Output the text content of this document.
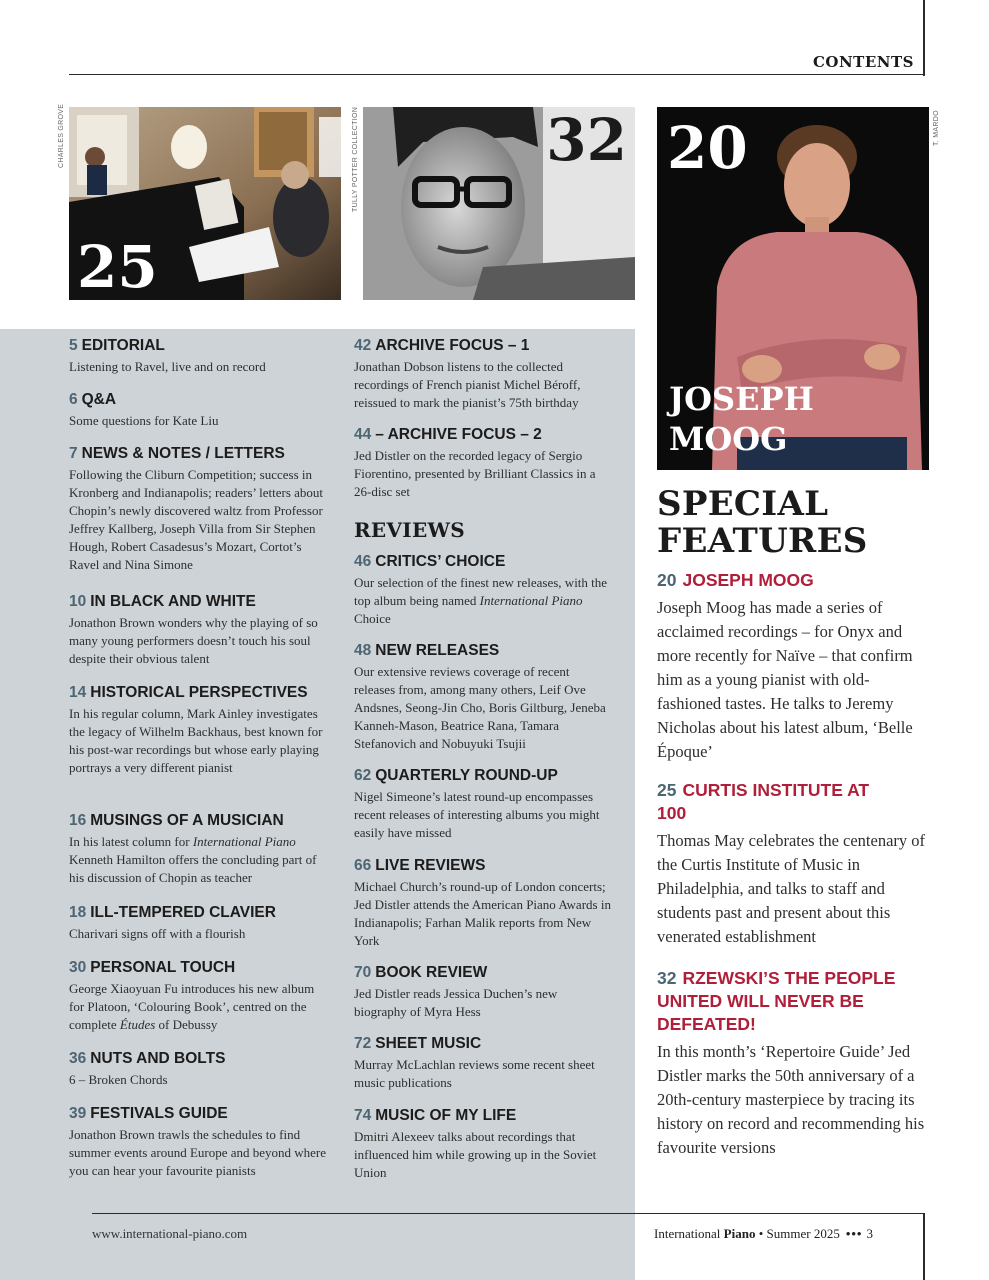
CONTENTS
CHARLES GROVE
25
TULLY POTTER COLLECTION	32	T. MARDO
20
JOSEPH
MOOG
5 EDITORIAL
Listening to Ravel, live and on record
6 Q&A
Some questions for Kate Liu
7 NEWS & NOTES / LETTERS
Following the Cliburn Competition; success in Kronberg and Indianapolis; readers’ letters about Chopin’s newly discovered waltz from Professor Jeffrey Kallberg, Joseph Villa from Sir Stephen Hough, Robert Casadesus’s Mozart, Cortot’s Ravel and Nina Simone
10 IN BLACK AND WHITE
Jonathon Brown wonders why the playing of so many young performers doesn’t touch his soul despite their obvious talent
14 HISTORICAL PERSPECTIVES
In his regular column, Mark Ainley investigates the legacy of Wilhelm Backhaus, best known for his post-war recordings but whose early playing portrays a very different pianist
16 MUSINGS OF A MUSICIAN
In his latest column for International Piano Kenneth Hamilton offers the concluding part of his discussion of Chopin as teacher
18 ILL-TEMPERED CLAVIER
Charivari signs off with a flourish
30 PERSONAL TOUCH
George Xiaoyuan Fu introduces his new album for Platoon, ‘Colouring Book’, centred on the complete Études of Debussy
36 NUTS AND BOLTS
6 – Broken Chords
39 FESTIVALS GUIDE
Jonathon Brown trawls the schedules to find summer events around Europe and beyond where you can hear your favourite pianists
42 ARCHIVE FOCUS – 1
Jonathan Dobson listens to the collected recordings of French pianist Michel Béroff, reissued to mark the pianist’s 75th birthday
44 – ARCHIVE FOCUS – 2
Jed Distler on the recorded legacy of Sergio Fiorentino, presented by Brilliant Classics in a 26-disc set
REVIEWS
46 CRITICS’ CHOICE
Our selection of the finest new releases, with the top album being named International Piano Choice
48 NEW RELEASES
Our extensive reviews coverage of recent releases from, among many others, Leif Ove Andsnes, Seong-Jin Cho, Boris Giltburg, Jeneba Kanneh-Mason, Beatrice Rana, Tamara Stefanovich and Nobuyuki Tsujii
62 QUARTERLY ROUND-UP
Nigel Simeone’s latest round-up encompasses recent releases of interesting albums you might easily have missed
66 LIVE REVIEWS
Michael Church’s round-up of London concerts; Jed Distler attends the American Piano Awards in Indianapolis; Farhan Malik reports from New York
70 BOOK REVIEW
Jed Distler reads Jessica Duchen’s new biography of Myra Hess
72 SHEET MUSIC
Murray McLachlan reviews some recent sheet music publications
74 MUSIC OF MY LIFE
Dmitri Alexeev talks about recordings that influenced him while growing up in the Soviet Union
SPECIAL
FEATURES
20 JOSEPH MOOG
Joseph Moog has made a series of acclaimed recordings – for Onyx and more recently for Naïve – that confirm him as a young pianist with old-fashioned tastes. He talks to Jeremy Nicholas about his latest album, ‘Belle Époque’
25 CURTIS INSTITUTE AT 100
Thomas May celebrates the centenary of the Curtis Institute of Music in Philadelphia, and talks to staff and students past and present about this venerated establishment
32 RZEWSKI’S THE PEOPLE UNITED WILL NEVER BE DEFEATED!
In this month’s ‘Repertoire Guide’ Jed Distler marks the 50th anniversary of a 20th-century masterpiece by tracing its history on record and recommending his favourite versions
www.international-piano.com	International Piano • Summer 2025 ••• 3
